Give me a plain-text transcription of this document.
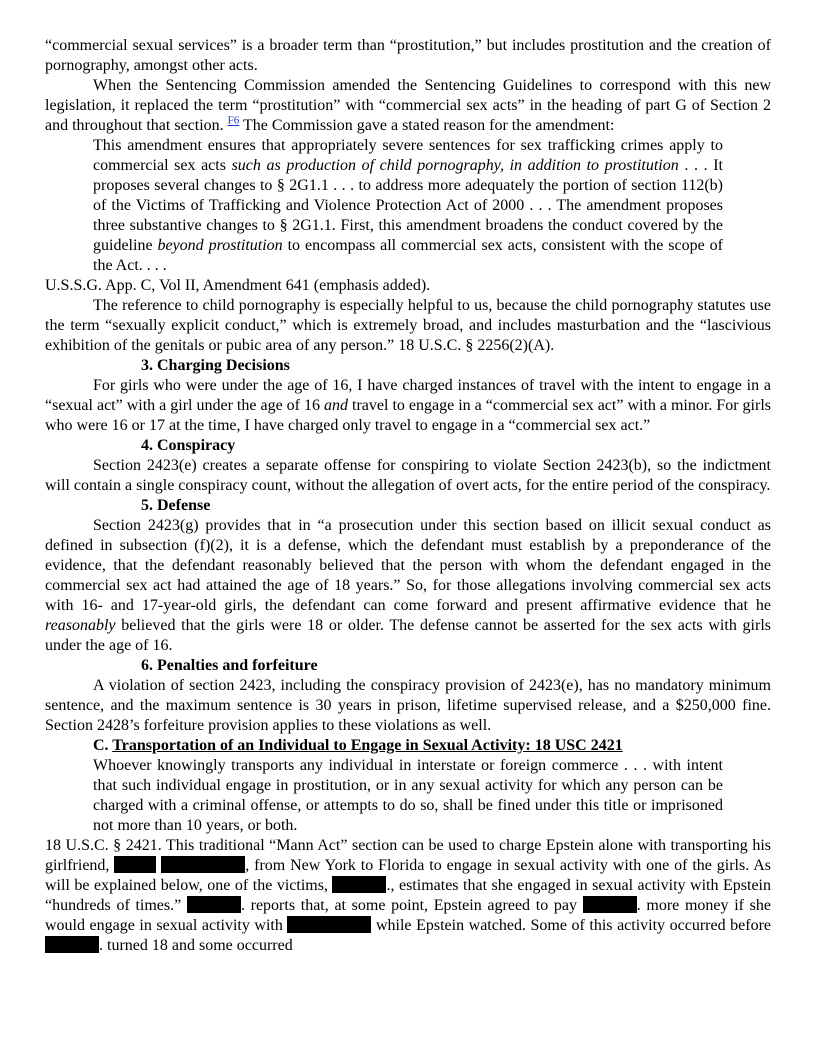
“commercial sexual services” is a broader term than “prostitution,” but includes prostitution and the creation of pornography, amongst other acts.

When the Sentencing Commission amended the Sentencing Guidelines to correspond with this new legislation, it replaced the term “prostitution” with “commercial sex acts” in the heading of part G of Section 2 and throughout that section. $^{F6}$ The Commission gave a stated reason for the amendment:

This amendment ensures that appropriately severe sentences for sex trafficking crimes apply to commercial sex acts such as production of child pornography, in addition to prostitution . . . It proposes several changes to § 2G1.1 . . . to address more adequately the portion of section 112(b) of the Victims of Trafficking and Violence Protection Act of 2000 . . . The amendment proposes three substantive changes to § 2G1.1. First, this amendment broadens the conduct covered by the guideline beyond prostitution to encompass all commercial sex acts, consistent with the scope of the Act. . . .

U.S.S.G. App. C, Vol II, Amendment 641 (emphasis added).

The reference to child pornography is especially helpful to us, because the child pornography statutes use the term “sexually explicit conduct,” which is extremely broad, and includes masturbation and the “lascivious exhibition of the genitals or pubic area of any person.” 18 U.S.C. § 2256(2)(A).

3. Charging Decisions

For girls who were under the age of 16, I have charged instances of travel with the intent to engage in a “sexual act” with a girl under the age of 16 and travel to engage in a “commercial sex act” with a minor. For girls who were 16 or 17 at the time, I have charged only travel to engage in a “commercial sex act.”

4. Conspiracy

Section 2423(e) creates a separate offense for conspiring to violate Section 2423(b), so the indictment will contain a single conspiracy count, without the allegation of overt acts, for the entire period of the conspiracy.

5. Defense

Section 2423(g) provides that in “a prosecution under this section based on illicit sexual conduct as defined in subsection (f)(2), it is a defense, which the defendant must establish by a preponderance of the evidence, that the defendant reasonably believed that the person with whom the defendant engaged in the commercial sex act had attained the age of 18 years.” So, for those allegations involving commercial sex acts with 16- and 17-year-old girls, the defendant can come forward and present affirmative evidence that he reasonably believed that the girls were 18 or older. The defense cannot be asserted for the sex acts with girls under the age of 16.

6. Penalties and forfeiture

A violation of section 2423, including the conspiracy provision of 2423(e), has no mandatory minimum sentence, and the maximum sentence is 30 years in prison, lifetime supervised release, and a $250,000 fine. Section 2428’s forfeiture provision applies to these violations as well.

C. Transportation of an Individual to Engage in Sexual Activity: 18 USC 2421

Whoever knowingly transports any individual in interstate or foreign commerce . . . with intent that such individual engage in prostitution, or in any sexual activity for which any person can be charged with a criminal offense, or attempts to do so, shall be fined under this title or imprisoned not more than 10 years, or both.

18 U.S.C. § 2421. This traditional “Mann Act” section can be used to charge Epstein alone with transporting his girlfriend,	, from New York to Florida to engage in sexual activity with one of the girls. As will be explained below, one of the victims,	., estimates that she engaged in sexual activity with Epstein “hundreds of times.”	. reports that, at some point, Epstein agreed to pay	. more money if she would engage in sexual activity with	while Epstein watched. Some of this activity occurred before . turned 18 and some occurred
